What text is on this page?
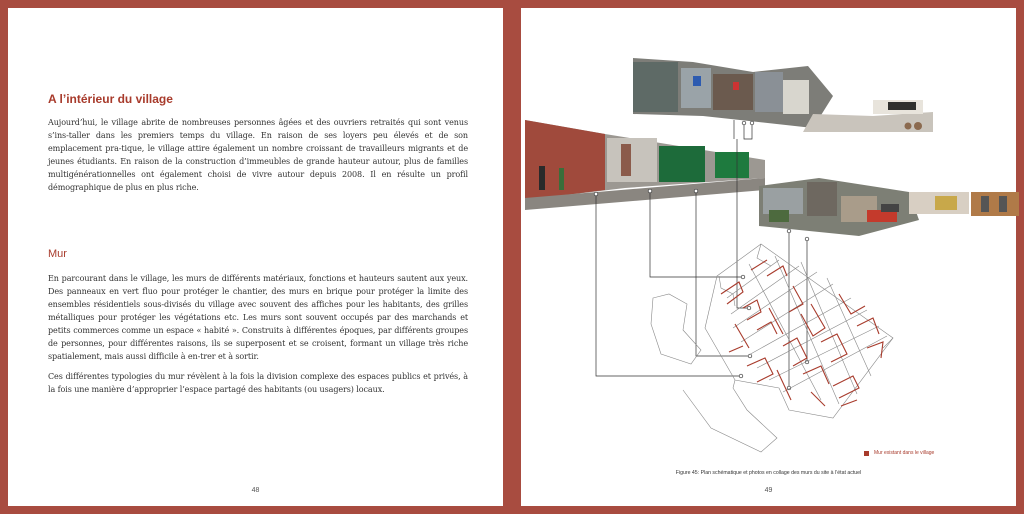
A l’intérieur du village

Aujourd’hui, le village abrite de nombreuses personnes âgées et des ouvriers retraités qui sont venus s’ins-taller dans les premiers temps du village. En raison de ses loyers peu élevés et de son emplacement pra-tique, le village attire également un nombre croissant de travailleurs migrants et de jeunes étudiants. En raison de la construction d’immeubles de grande hauteur autour, plus de familles multigénérationnelles ont également choisi de vivre autour depuis 2008. Il en résulte un profil démographique de plus en plus riche.

Mur

En parcourant dans le village, les murs de différents matériaux, fonctions et hauteurs sautent aux yeux. Des panneaux en vert fluo pour protéger le chantier, des murs en brique pour protéger la limite des ensembles résidentiels sous-divisés du village avec souvent des affiches pour les habitants, des grilles métalliques pour protéger les végétations etc. Les murs sont souvent occupés par des marchands et petits commerces comme un espace « habité ». Construits à différentes époques, par différents groupes de personnes, pour différentes raisons, ils se superposent et se croisent, formant un village très riche spatialement, mais aussi difficile à en-trer et à sortir.

Ces différentes typologies du mur révèlent à la fois la division complexe des espaces publics et privés, à la fois une manière d’approprier l’espace partagé des habitants (ou usagers) locaux.

48
Mur existant dans le village
Figure 45: Plan schématique et photos en collage des murs du site à l’état actuel
49
